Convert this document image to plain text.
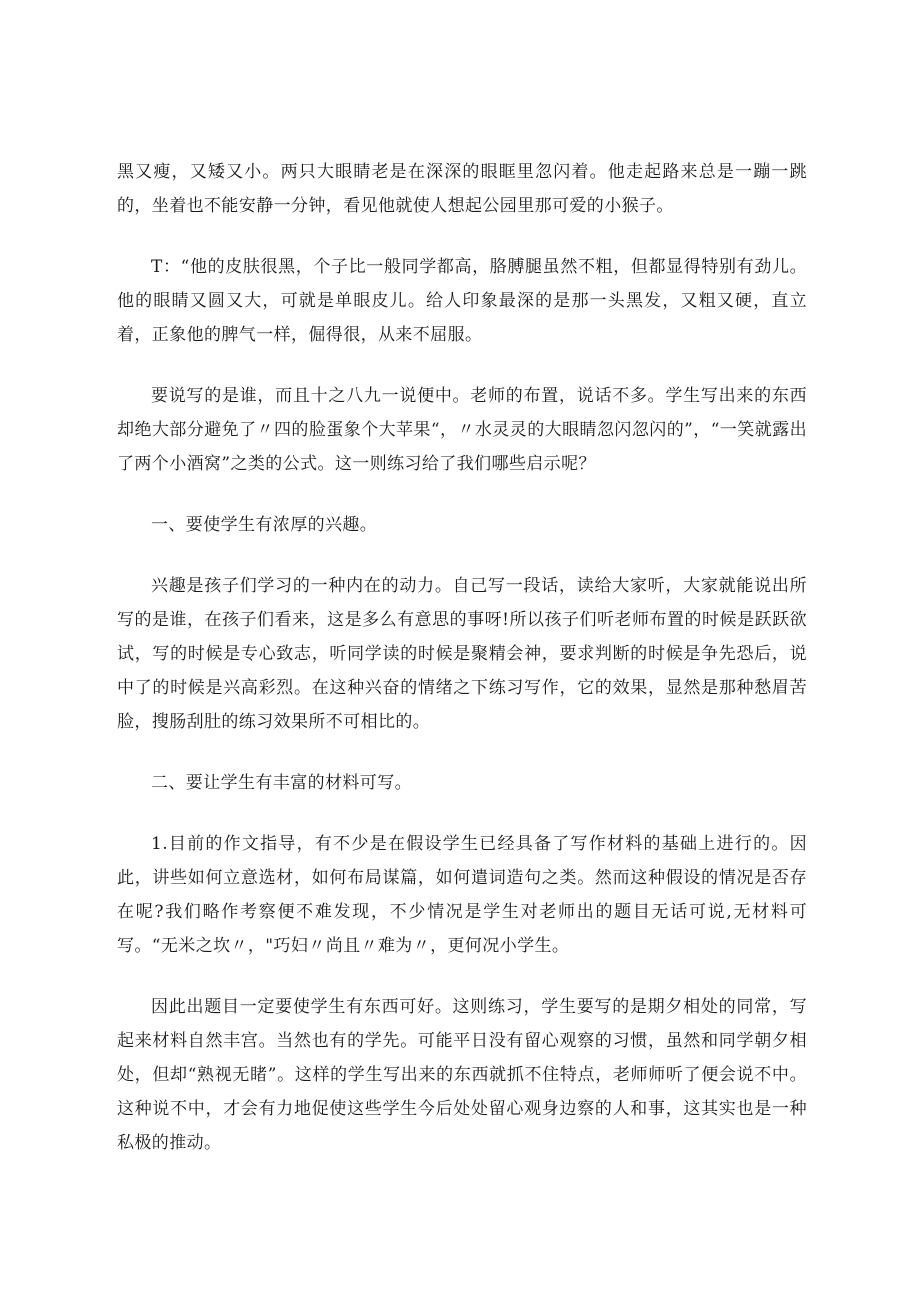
黑又瘦，又矮又小。两只大眼睛老是在深深的眼眶里忽闪着。他走起路来总是一蹦一跳的，坐着也不能安静一分钟，看见他就使人想起公园里那可爱的小猴子。

T：“他的皮肤很黑，个子比一般同学都高，胳膊腿虽然不粗，但都显得特别有劲儿。他的眼睛又圆又大，可就是单眼皮儿。给人印象最深的是那一头黑发，又粗又硬，直立着，正象他的脾气一样，倔得很，从来不屈服。

要说写的是谁，而且十之八九一说便中。老师的布置，说话不多。学生写出来的东西却绝大部分避免了〃四的脸蛋象个大苹果“，〃水灵灵的大眼睛忽闪忽闪的”，“一笑就露出了两个小酒窝”之类的公式。这一则练习给了我们哪些启示呢？

一、要使学生有浓厚的兴趣。

兴趣是孩子们学习的一种内在的动力。自己写一段话，读给大家听，大家就能说出所写的是谁，在孩子们看来，这是多么有意思的事呀!所以孩子们听老师布置的时候是跃跃欲试，写的时候是专心致志，听同学读的时候是聚精会神，要求判断的时候是争先恐后，说中了的时候是兴高彩烈。在这种兴奋的情绪之下练习写作，它的效果，显然是那种愁眉苦脸，搜肠刮肚的练习效果所不可相比的。

二、要让学生有丰富的材料可写。

1.目前的作文指导，有不少是在假设学生已经具备了写作材料的基础上进行的。因此，讲些如何立意选材，如何布局谋篇，如何遣词造句之类。然而这种假设的情况是否存在呢?我们略作考察便不难发现，不少情况是学生对老师出的题目无话可说,无材料可写。“无米之坎〃，"巧妇〃尚且〃难为〃，更何况小学生。

因此出题目一定要使学生有东西可好。这则练习，学生要写的是期夕相处的同常，写起来材料自然丰宫。当然也有的学先。可能平日没有留心观察的习惯，虽然和同学朝夕相处，但却“熟视无睹”。这样的学生写出来的东西就抓不住特点，老师师听了便会说不中。这种说不中，才会有力地促使这些学生今后处处留心观身边察的人和事，这其实也是一种私极的推动。
